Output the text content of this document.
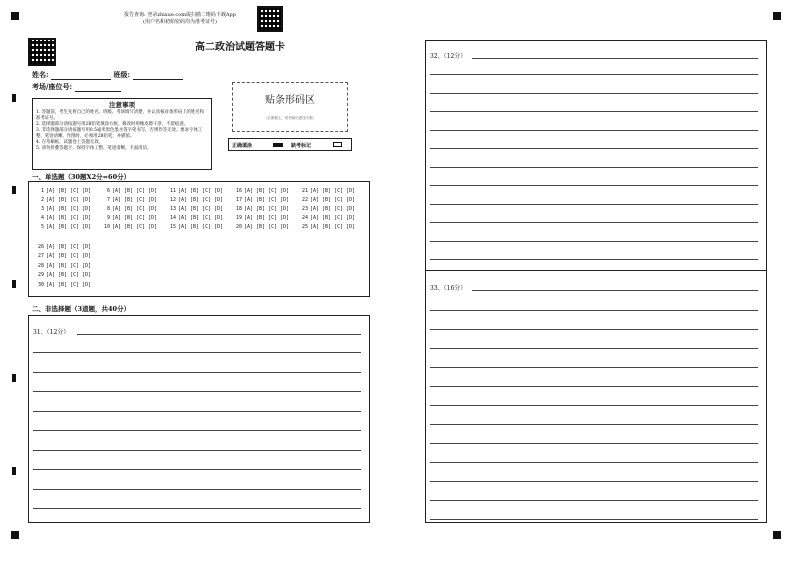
报告查询: 登录zhixue.com或扫描二维码下载App
(用户名和初始密码均为准考证号)
高二政治试题答题卡
姓名:	班级:
考场/座位号:
注意事项
1. 答题前，考生先将自己的姓名、班级、考场填写清楚，并认真核对条形码上的姓名和准考证号。
2. 选择题部分请按题号用2B铅笔填涂方框，修改时用橡皮擦干净，不留痕迹。
3. 非选择题部分请按题号用0.5毫米黑色墨水签字笔书写，否则作答无效。要求字体工整、笔迹清晰。作图时，必须用2B铅笔，并描浓。
4. 在草稿纸、试题卷上答题无效。
5. 请勿折叠答题卡，保持字体工整、笔迹清晰、卡面清洁。
贴条形码区
（正面朝上，切勿贴出虚线方框）
正确填涂	缺考标记
一、单选题（30题X2分=60分）
1 [A] [B] [C] [D]
2 [A] [B] [C] [D]
3 [A] [B] [C] [D]
4 [A] [B] [C] [D]
5 [A] [B] [C] [D]
6 [A] [B] [C] [D]
7 [A] [B] [C] [D]
8 [A] [B] [C] [D]
9 [A] [B] [C] [D]
10 [A] [B] [C] [D]
11 [A] [B] [C] [D]
12 [A] [B] [C] [D]
13 [A] [B] [C] [D]
14 [A] [B] [C] [D]
15 [A] [B] [C] [D]
16 [A] [B] [C] [D]
17 [A] [B] [C] [D]
18 [A] [B] [C] [D]
19 [A] [B] [C] [D]
20 [A] [B] [C] [D]
21 [A] [B] [C] [D]
22 [A] [B] [C] [D]
23 [A] [B] [C] [D]
24 [A] [B] [C] [D]
25 [A] [B] [C] [D]
26 [A] [B] [C] [D]
27 [A] [B] [C] [D]
28 [A] [B] [C] [D]
29 [A] [B] [C] [D]
30 [A] [B] [C] [D]
二、非选择题（3道题，共40分）
31、（12分）
32、（12分）
33、（16分）
